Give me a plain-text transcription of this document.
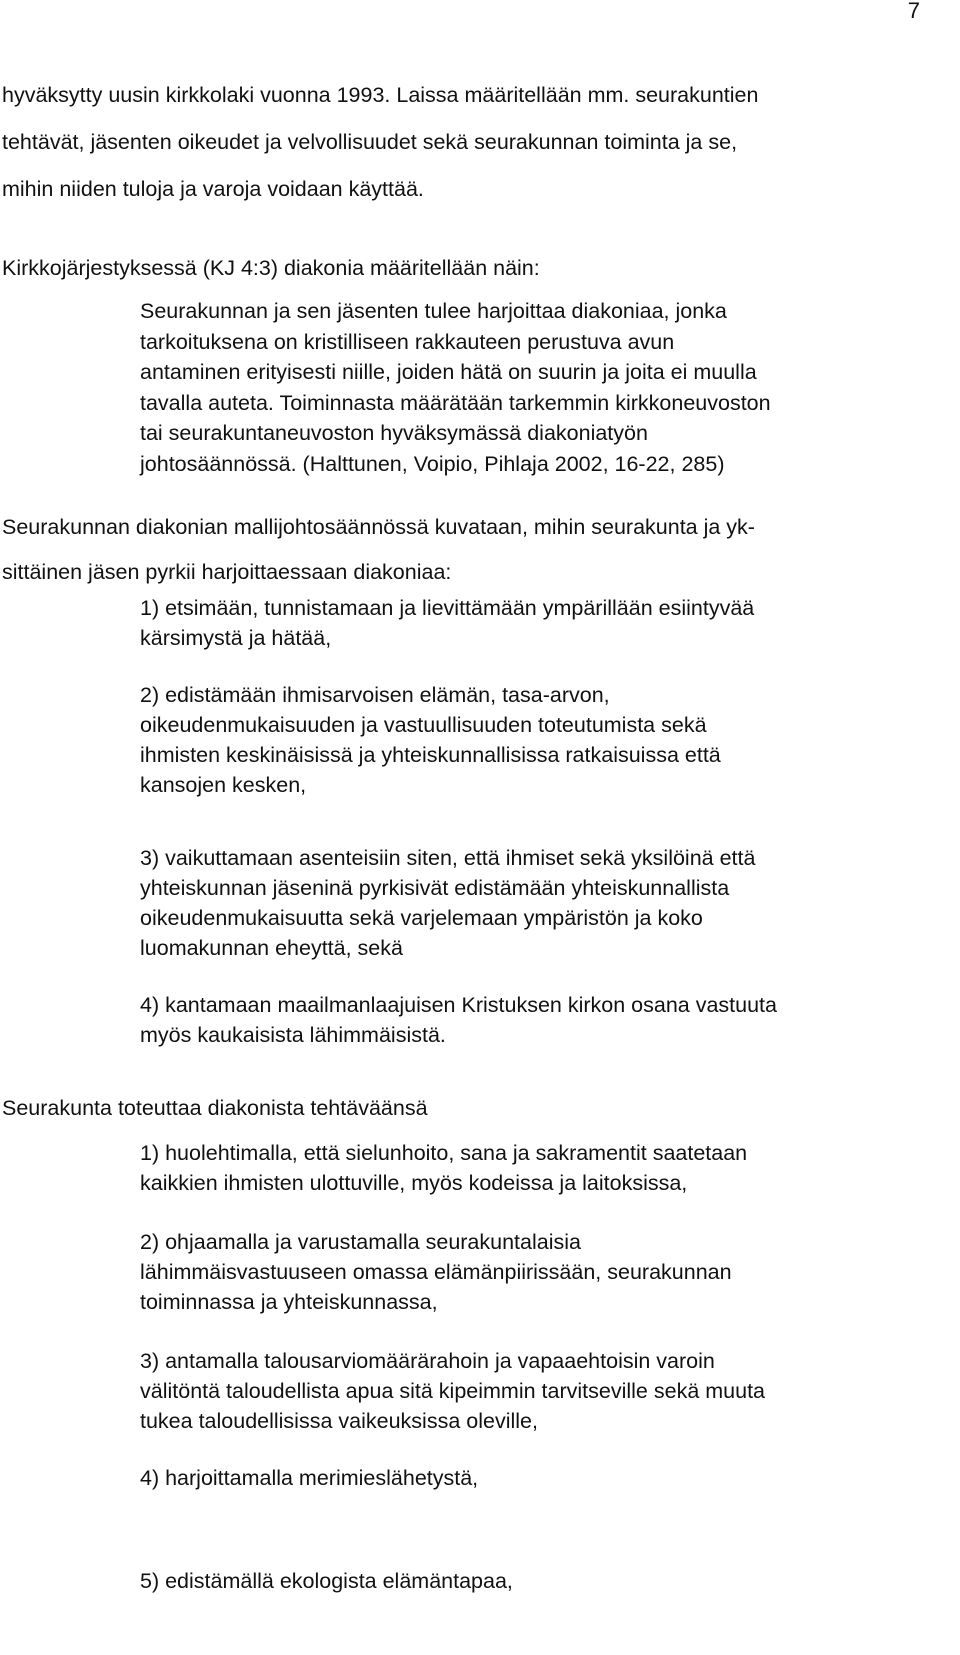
7

hyväksytty uusin kirkkolaki vuonna 1993. Laissa määritellään mm. seurakuntien
tehtävät, jäsenten oikeudet ja velvollisuudet sekä seurakunnan toiminta ja se,
mihin niiden tuloja ja varoja voidaan käyttää.

Kirkkojärjestyksessä (KJ 4:3) diakonia määritellään näin:

Seurakunnan ja sen jäsenten tulee harjoittaa diakoniaa, jonka
tarkoituksena on kristilliseen rakkauteen perustuva avun
antaminen erityisesti niille, joiden hätä on suurin ja joita ei muulla
tavalla auteta. Toiminnasta määrätään tarkemmin kirkkoneuvoston
tai seurakuntaneuvoston hyväksymässä diakoniatyön
johtosäännössä. (Halttunen, Voipio, Pihlaja 2002, 16-22, 285)

Seurakunnan diakonian mallijohtosäännössä kuvataan, mihin seurakunta ja yk-
sittäinen jäsen pyrkii harjoittaessaan diakoniaa:

1) etsimään, tunnistamaan ja lievittämään ympärillään esiintyvää
kärsimystä ja hätää,

2) edistämään ihmisarvoisen elämän, tasa-arvon,
oikeudenmukaisuuden ja vastuullisuuden toteutumista sekä
ihmisten keskinäisissä ja yhteiskunnallisissa ratkaisuissa että
kansojen kesken,

3) vaikuttamaan asenteisiin siten, että ihmiset sekä yksilöinä että
yhteiskunnan jäseninä pyrkisivät edistämään yhteiskunnallista
oikeudenmukaisuutta sekä varjelemaan ympäristön ja koko
luomakunnan eheyttä, sekä

4) kantamaan maailmanlaajuisen Kristuksen kirkon osana vastuuta
myös kaukaisista lähimmäisistä.

Seurakunta toteuttaa diakonista tehtäväänsä

1) huolehtimalla, että sielunhoito, sana ja sakramentit saatetaan
kaikkien ihmisten ulottuville, myös kodeissa ja laitoksissa,

2) ohjaamalla ja varustamalla seurakuntalaisia
lähimmäisvastuuseen omassa elämänpiirissään, seurakunnan
toiminnassa ja yhteiskunnassa,

3) antamalla talousarviomäärärahoin ja vapaaehtoisin varoin
välitöntä taloudellista apua sitä kipeimmin tarvitseville sekä muuta
tukea taloudellisissa vaikeuksissa oleville,

4) harjoittamalla merimieslähetystä,

5) edistämällä ekologista elämäntapaa,
